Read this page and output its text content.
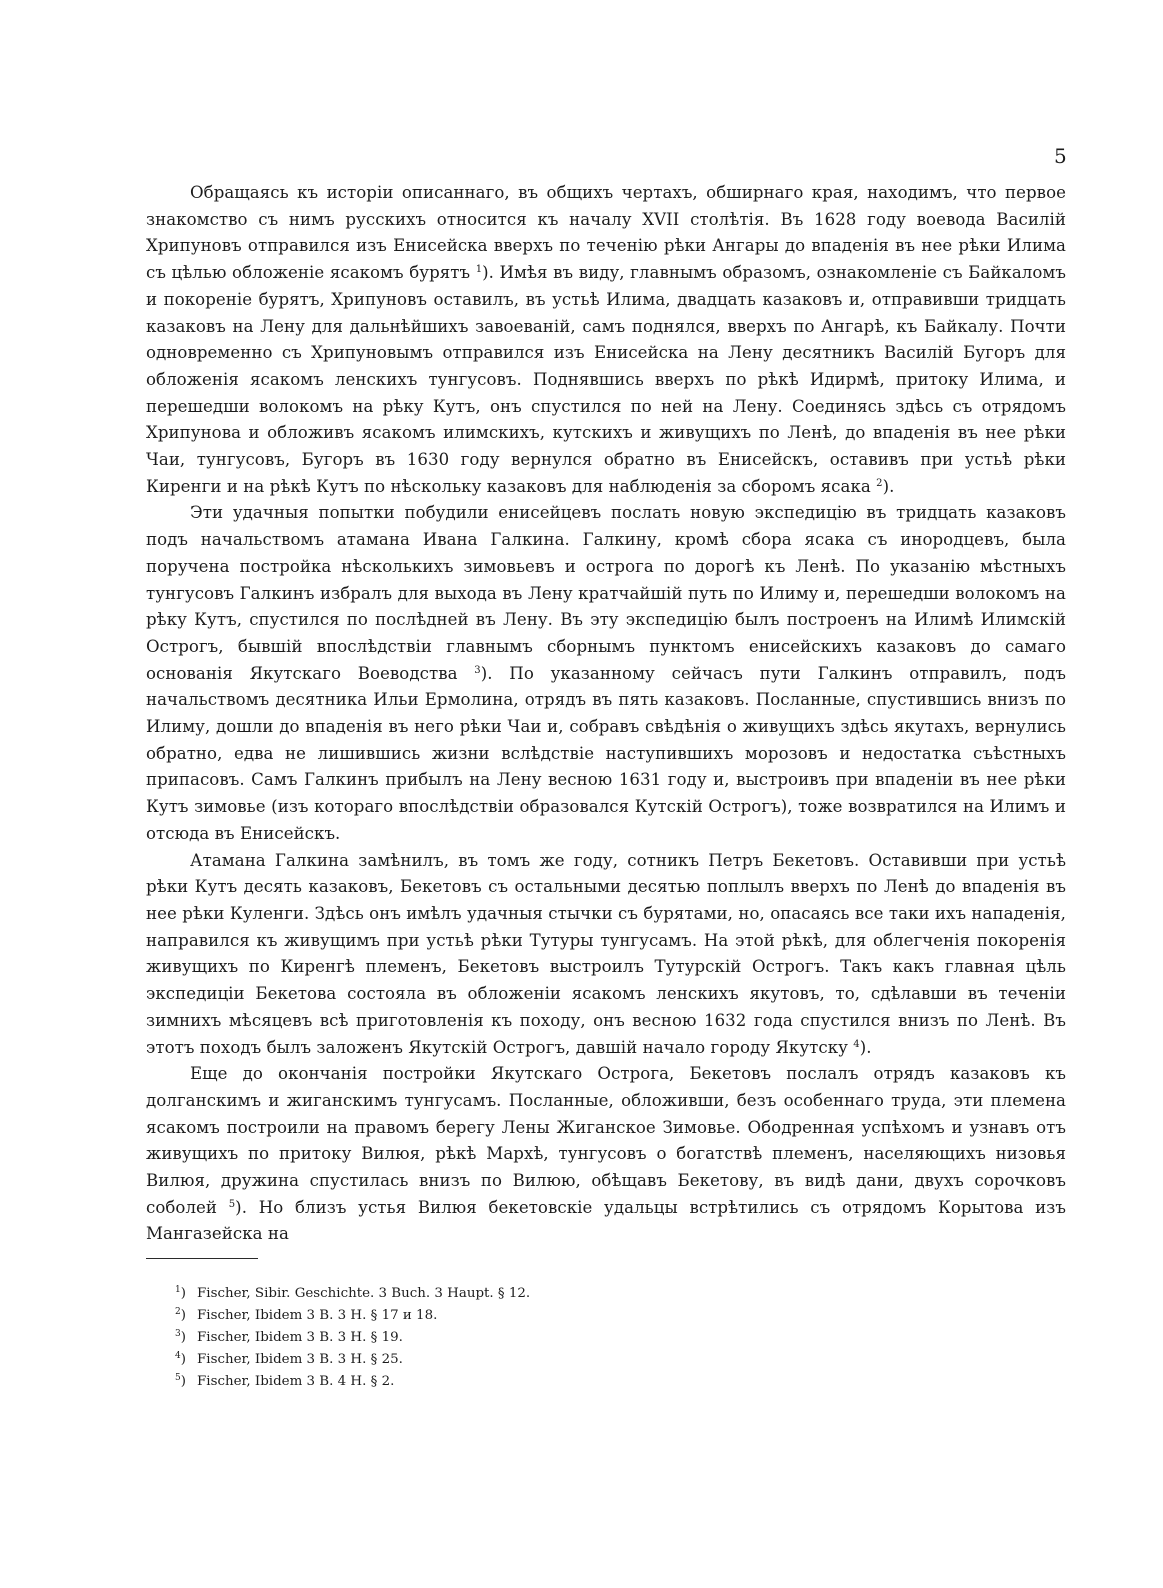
5

Обращаясь къ исторіи описаннаго, въ общихъ чертахъ, обширнаго края, находимъ, что первое знакомство съ нимъ русскихъ относится къ началу XVII столѣтія. Въ 1628 году воевода Василій Хрипуновъ отправился изъ Енисейска вверхъ по теченію рѣки Ангары до впаденія въ нее рѣки Илима съ цѣлью обложеніе ясакомъ бурятъ $^1$). Имѣя въ виду, главнымъ образомъ, ознакомленіе съ Байкаломъ и покореніе бурятъ, Хрипуновъ оставилъ, въ устьѣ Илима, двадцать казаковъ и, отправивши тридцать казаковъ на Лену для дальнѣйшихъ завоеваній, самъ поднялся, вверхъ по Ангарѣ, къ Байкалу. Почти одновременно съ Хрипуновымъ отправился изъ Енисейска на Лену десятникъ Василій Бугоръ для обложенія ясакомъ ленскихъ тунгусовъ. Поднявшись вверхъ по рѣкѣ Идирмѣ, притоку Илима, и перешедши волокомъ на рѣку Кутъ, онъ спустился по ней на Лену. Соединясь здѣсь съ отрядомъ Хрипунова и обложивъ ясакомъ илимскихъ, кутскихъ и живущихъ по Ленѣ, до впаденія въ нее рѣки Чаи, тунгусовъ, Бугоръ въ 1630 году вернулся обратно въ Енисейскъ, оставивъ при устьѣ рѣки Киренги и на рѣкѣ Кутъ по нѣскольку казаковъ для наблюденія за сборомъ ясака $^2$).

Эти удачныя попытки побудили енисейцевъ послать новую экспедицію въ тридцать казаковъ подъ начальствомъ атамана Ивана Галкина. Галкину, кромѣ сбора ясака съ инородцевъ, была поручена постройка нѣсколькихъ зимовьевъ и острога по дорогѣ къ Ленѣ. По указанію мѣстныхъ тунгусовъ Галкинъ избралъ для выхода въ Лену кратчайшій путь по Илиму и, перешедши волокомъ на рѣку Кутъ, спустился по послѣдней въ Лену. Въ эту экспедицію былъ построенъ на Илимѣ Илимскій Острогъ, бывшій впослѣдствіи главнымъ сборнымъ пунктомъ енисейскихъ казаковъ до самаго основанія Якутскаго Воеводства $^3$). По указанному сейчасъ пути Галкинъ отправилъ, подъ начальствомъ десятника Ильи Ермолина, отрядъ въ пять казаковъ. Посланные, спустившись внизъ по Илиму, дошли до впаденія въ него рѣки Чаи и, собравъ свѣдѣнія о живущихъ здѣсь якутахъ, вернулись обратно, едва не лишившись жизни вслѣдствіе наступившихъ морозовъ и недостатка съѣстныхъ припасовъ. Самъ Галкинъ прибылъ на Лену весною 1631 году и, выстроивъ при впаденіи въ нее рѣки Кутъ зимовье (изъ котораго впослѣдствіи образовался Кутскій Острогъ), тоже возвратился на Илимъ и отсюда въ Енисейскъ.

Атамана Галкина замѣнилъ, въ томъ же году, сотникъ Петръ Бекетовъ. Оставивши при устьѣ рѣки Кутъ десять казаковъ, Бекетовъ съ остальными десятью поплылъ вверхъ по Ленѣ до впаденія въ нее рѣки Куленги. Здѣсь онъ имѣлъ удачныя стычки съ бурятами, но, опасаясь все таки ихъ нападенія, направился къ живущимъ при устьѣ рѣки Тутуры тунгусамъ. На этой рѣкѣ, для облегченія покоренія живущихъ по Киренгѣ племенъ, Бекетовъ выстроилъ Тутурскій Острогъ. Такъ какъ главная цѣль экспедиціи Бекетова состояла въ обложеніи ясакомъ ленскихъ якутовъ, то, сдѣлавши въ теченіи зимнихъ мѣсяцевъ всѣ приготовленія къ походу, онъ весною 1632 года спустился внизъ по Ленѣ. Въ этотъ походъ былъ заложенъ Якутскій Острогъ, давшій начало городу Якутску $^4$).

Еще до окончанія постройки Якутскаго Острога, Бекетовъ послалъ отрядъ казаковъ къ долганскимъ и жиганскимъ тунгусамъ. Посланные, обложивши, безъ особеннаго труда, эти племена ясакомъ построили на правомъ берегу Лены Жиганское Зимовье. Ободренная успѣхомъ и узнавъ отъ живущихъ по притоку Вилюя, рѣкѣ Мархѣ, тунгусовъ о богатствѣ племенъ, населяющихъ низовья Вилюя, дружина спустилась внизъ по Вилюю, обѣщавъ Бекетову, въ видѣ дани, двухъ сорочковъ соболей $^5$). Но близъ устья Вилюя бекетовскіе удальцы встрѣтились съ отрядомъ Корытова изъ Мангазейска на

$^1$) Fischer, Sibir. Geschichte. 3 Buch. 3 Haupt. § 12.
$^2$) Fischer, Ibidem 3 B. 3 H. § 17 и 18.
$^3$) Fischer, Ibidem 3 B. 3 H. § 19.
$^4$) Fischer, Ibidem 3 B. 3 H. § 25.
$^5$) Fischer, Ibidem 3 B. 4 H. § 2.
